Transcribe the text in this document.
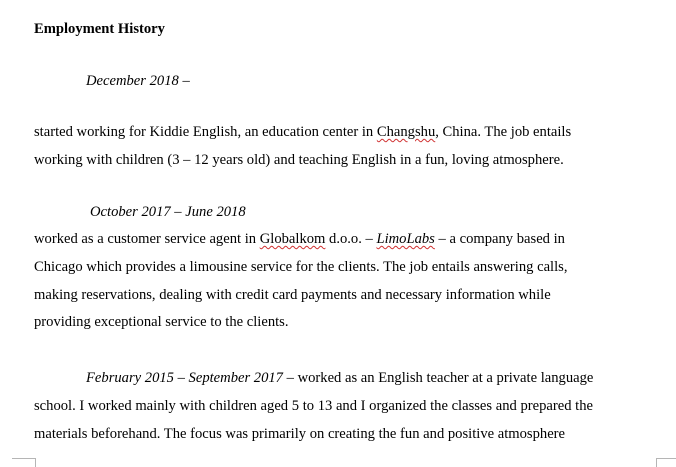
Employment History
December 2018 –
started working for Kiddie English, an education center in Changshu, China. The job entails
working with children (3 – 12 years old) and teaching English in a fun, loving atmosphere.
October 2017 – June 2018
worked as a customer service agent in Globalkom d.o.o. – LimoLabs – a company based in
Chicago which provides a limousine service for the clients. The job entails answering calls,
making reservations, dealing with credit card payments and necessary information while
providing exceptional service to the clients.
February 2015 – September 2017 – worked as an English teacher at a private language
school. I worked mainly with children aged 5 to 13 and I organized the classes and prepared the
materials beforehand. The focus was primarily on creating the fun and positive atmosphere
